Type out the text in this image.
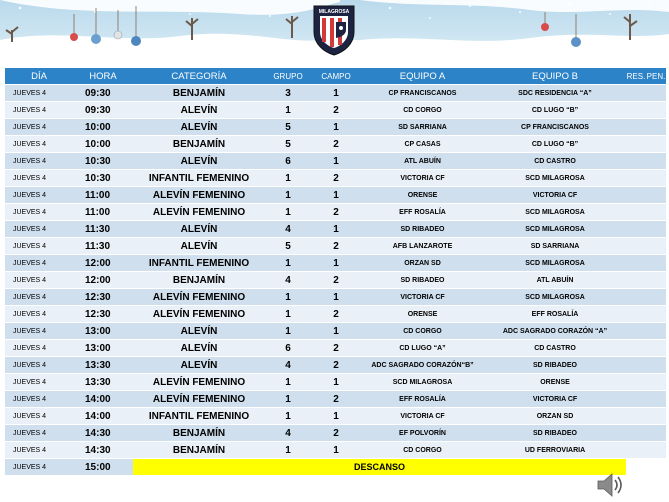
MILAGROSA
DÍA	HORA	CATEGORÍA	GRUPO	CAMPO	EQUIPO A	EQUIPO B	RES.	PEN.
JUEVES 4	09:30	BENJAMÍN	3	1	CP FRANCISCANOS	SDC RESIDENCIA “A”		
JUEVES 4	09:30	ALEVÍN	1	2	CD CORGO	CD LUGO “B”		
JUEVES 4	10:00	ALEVÍN	5	1	SD SARRIANA	CP FRANCISCANOS		
JUEVES 4	10:00	BENJAMÍN	5	2	CP CASAS	CD LUGO “B”		
JUEVES 4	10:30	ALEVÍN	6	1	ATL ABUÍN	CD CASTRO		
JUEVES 4	10:30	INFANTIL FEMENINO	1	2	VICTORIA CF	SCD MILAGROSA		
JUEVES 4	11:00	ALEVÍN FEMENINO	1	1	ORENSE	VICTORIA CF		
JUEVES 4	11:00	ALEVÍN FEMENINO	1	2	EFF ROSALÍA	SCD MILAGROSA		
JUEVES 4	11:30	ALEVÍN	4	1	SD RIBADEO	SCD MILAGROSA		
JUEVES 4	11:30	ALEVÍN	5	2	AFB LANZAROTE	SD SARRIANA		
JUEVES 4	12:00	INFANTIL FEMENINO	1	1	ORZAN SD	SCD MILAGROSA		
JUEVES 4	12:00	BENJAMÍN	4	2	SD RIBADEO	ATL ABUÍN		
JUEVES 4	12:30	ALEVÍN FEMENINO	1	1	VICTORIA CF	SCD MILAGROSA		
JUEVES 4	12:30	ALEVÍN FEMENINO	1	2	ORENSE	EFF ROSALÍA		
JUEVES 4	13:00	ALEVÍN	1	1	CD CORGO	ADC SAGRADO CORAZÓN “A”		
JUEVES 4	13:00	ALEVÍN	6	2	CD LUGO “A”	CD CASTRO		
JUEVES 4	13:30	ALEVÍN	4	2	ADC SAGRADO CORAZÓN“B”	SD RIBADEO		
JUEVES 4	13:30	ALEVÍN FEMENINO	1	1	SCD MILAGROSA	ORENSE		
JUEVES 4	14:00	ALEVÍN FEMENINO	1	2	EFF ROSALÍA	VICTORIA CF		
JUEVES 4	14:00	INFANTIL FEMENINO	1	1	VICTORIA CF	ORZAN SD		
JUEVES 4	14:30	BENJAMÍN	4	2	EF POLVORÍN	SD RIBADEO		
JUEVES 4	14:30	BENJAMÍN	1	1	CD CORGO	UD FERROVIARIA		
JUEVES 4	15:00	DESCANSO						
